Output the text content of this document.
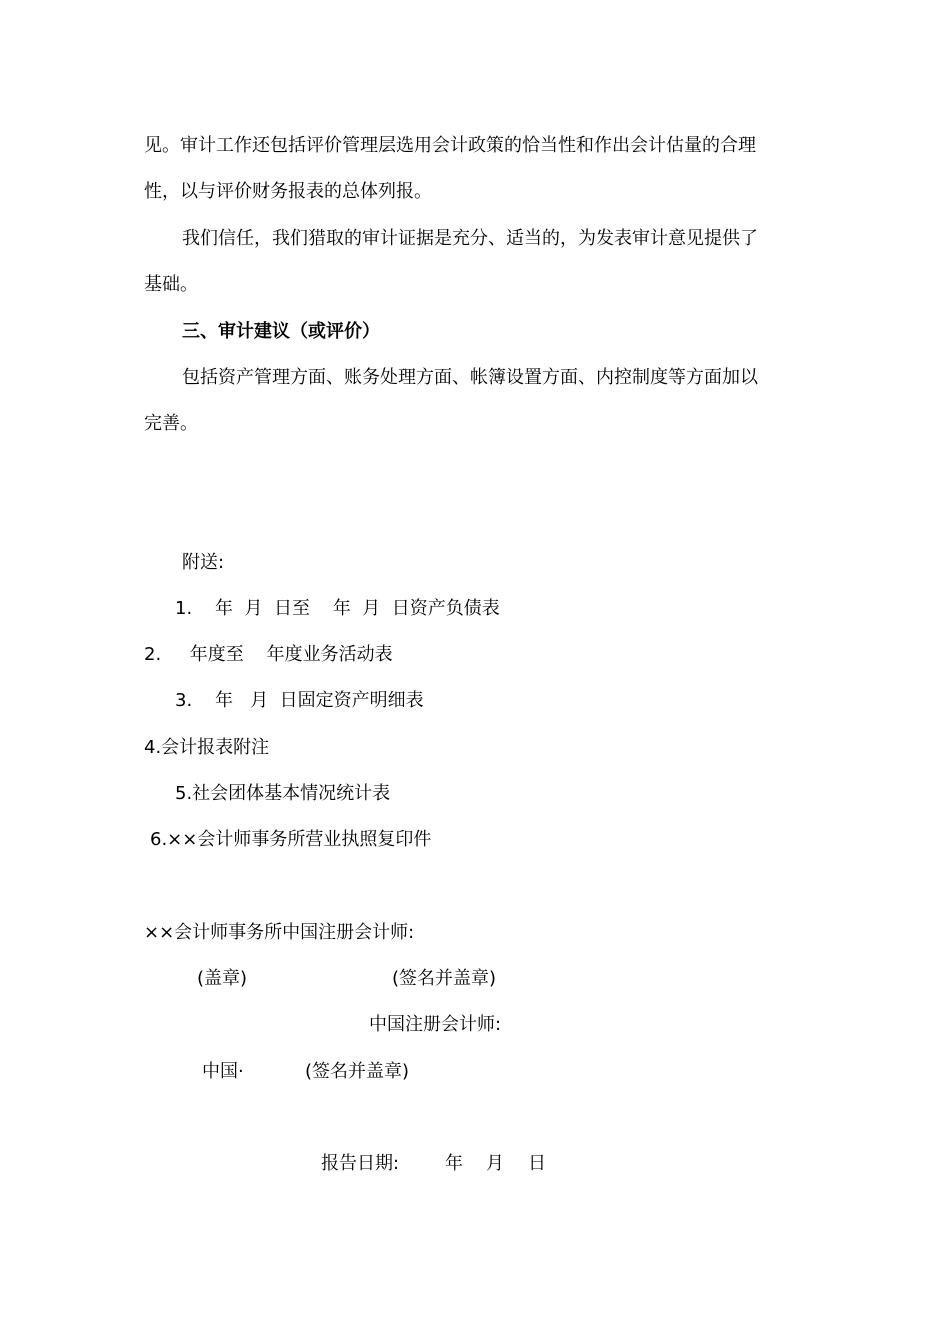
见。审计工作还包括评价管理层选用会计政策的恰当性和作出会计估量的合理
性，以与评价财务报表的总体列报。
我们信任，我们猎取的审计证据是充分、适当的，为发表审计意见提供了
基础。
三、审计建议（或评价）
包括资产管理方面、账务处理方面、帐簿设置方面、内控制度等方面加以
完善。
附送:
1.    年  月  日至    年  月  日资产负债表
2.     年度至    年度业务活动表
3.    年   月  日固定资产明细表
4.会计报表附注
5.社会团体基本情况统计表
6.××会计师事务所营业执照复印件
××会计师事务所中国注册会计师:
(盖章)	(签名并盖章)
中国注册会计师:
中国·	(签名并盖章)
报告日期:	年 月 日
